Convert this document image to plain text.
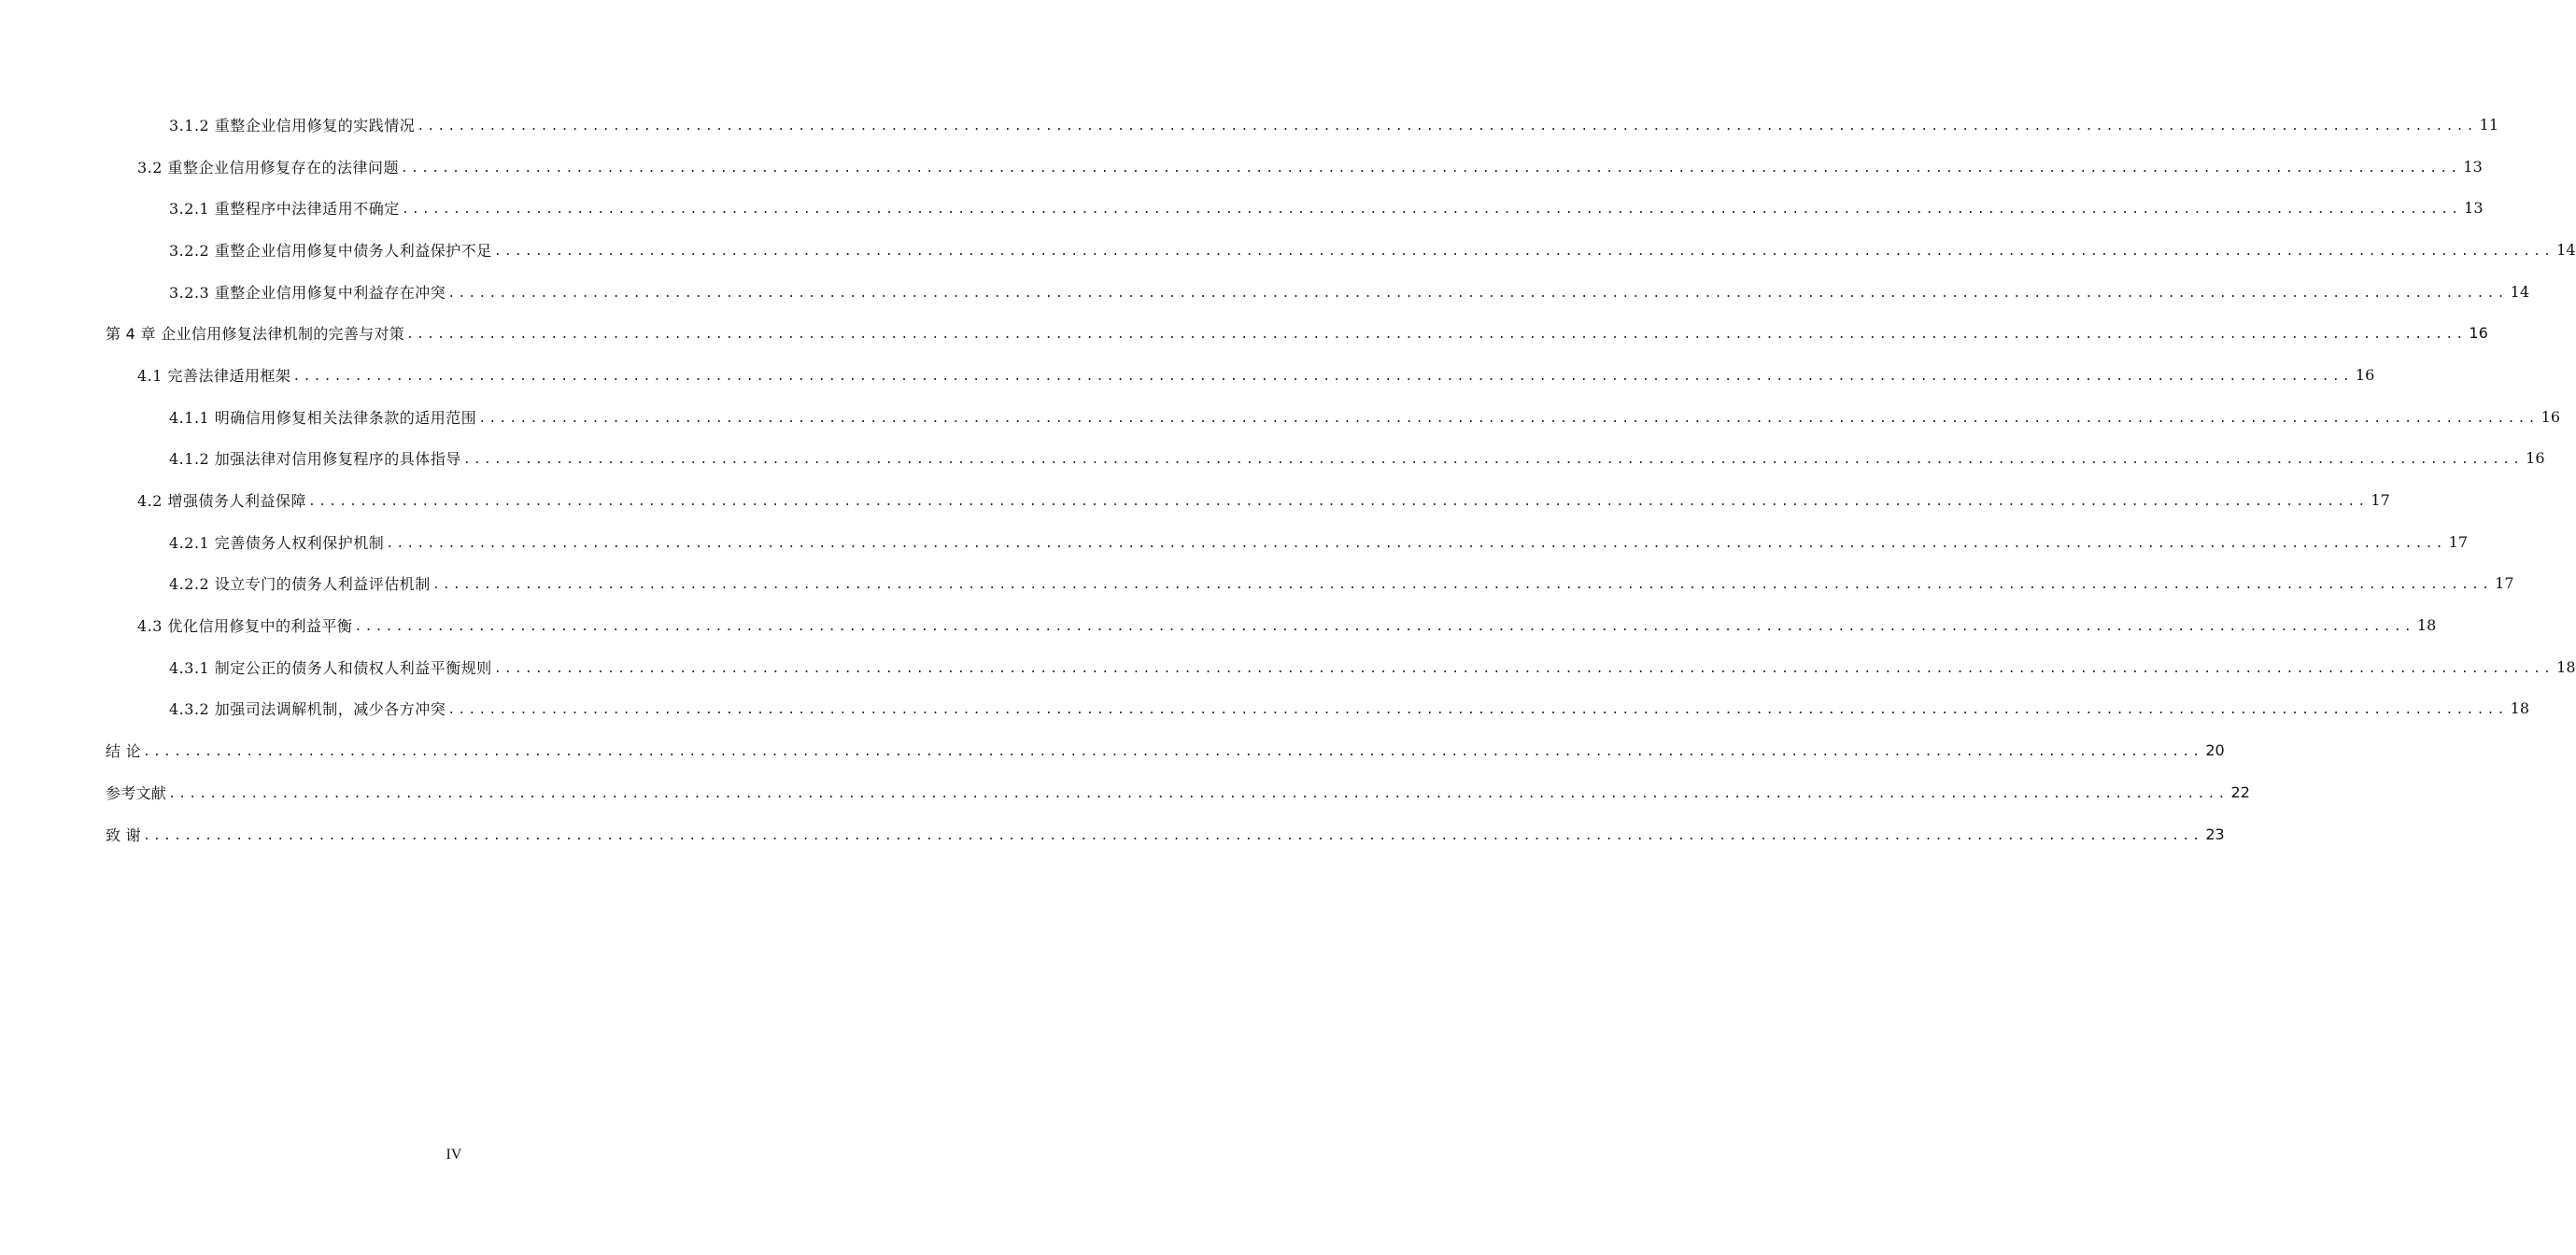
3.1.2 重整企业信用修复的实践情况 ........................................................................................................................................................................................................ 11
3.2 重整企业信用修复存在的法律问题 ........................................................................................................................................................................................................ 13
3.2.1 重整程序中法律适用不确定 ........................................................................................................................................................................................................ 13
3.2.2 重整企业信用修复中债务人利益保护不足 ........................................................................................................................................................................................................ 14
3.2.3 重整企业信用修复中利益存在冲突 ........................................................................................................................................................................................................ 14
第 4 章 企业信用修复法律机制的完善与对策 ........................................................................................................................................................................................................ 16
4.1 完善法律适用框架 ........................................................................................................................................................................................................ 16
4.1.1 明确信用修复相关法律条款的适用范围 ........................................................................................................................................................................................................ 16
4.1.2 加强法律对信用修复程序的具体指导 ........................................................................................................................................................................................................ 16
4.2 增强债务人利益保障 ........................................................................................................................................................................................................ 17
4.2.1 完善债务人权利保护机制 ........................................................................................................................................................................................................ 17
4.2.2 设立专门的债务人利益评估机制 ........................................................................................................................................................................................................ 17
4.3 优化信用修复中的利益平衡 ........................................................................................................................................................................................................ 18
4.3.1 制定公正的债务人和债权人利益平衡规则 ........................................................................................................................................................................................................ 18
4.3.2 加强司法调解机制，减少各方冲突 ........................................................................................................................................................................................................ 18
结 论 ........................................................................................................................................................................................................ 20
参考文献 ........................................................................................................................................................................................................ 22
致 谢 ........................................................................................................................................................................................................ 23
IV
